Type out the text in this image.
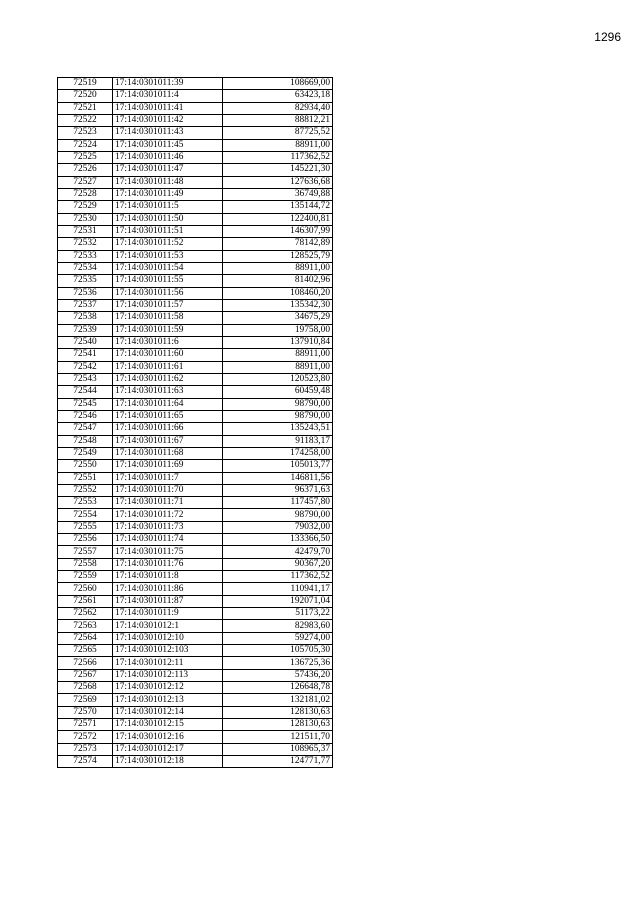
1296
72519	17:14:0301011:39	108669,00
72520	17:14:0301011:4	63423,18
72521	17:14:0301011:41	82934,40
72522	17:14:0301011:42	88812,21
72523	17:14:0301011:43	87725,52
72524	17:14:0301011:45	88911,00
72525	17:14:0301011:46	117362,52
72526	17:14:0301011:47	145221,30
72527	17:14:0301011:48	127636,68
72528	17:14:0301011:49	36749,88
72529	17:14:0301011:5	135144,72
72530	17:14:0301011:50	122400,81
72531	17:14:0301011:51	146307,99
72532	17:14:0301011:52	78142,89
72533	17:14:0301011:53	128525,79
72534	17:14:0301011:54	88911,00
72535	17:14:0301011:55	81402,96
72536	17:14:0301011:56	108460,20
72537	17:14:0301011:57	135342,30
72538	17:14:0301011:58	34675,29
72539	17:14:0301011:59	19758,00
72540	17:14:0301011:6	137910,84
72541	17:14:0301011:60	88911,00
72542	17:14:0301011:61	88911,00
72543	17:14:0301011:62	120523,80
72544	17:14:0301011:63	60459,48
72545	17:14:0301011:64	98790,00
72546	17:14:0301011:65	98790,00
72547	17:14:0301011:66	135243,51
72548	17:14:0301011:67	91183,17
72549	17:14:0301011:68	174258,00
72550	17:14:0301011:69	105013,77
72551	17:14:0301011:7	146811,56
72552	17:14:0301011:70	96371,63
72553	17:14:0301011:71	117457,80
72554	17:14:0301011:72	98790,00
72555	17:14:0301011:73	79032,00
72556	17:14:0301011:74	133366,50
72557	17:14:0301011:75	42479,70
72558	17:14:0301011:76	90367,20
72559	17:14:0301011:8	117362,52
72560	17:14:0301011:86	110941,17
72561	17:14:0301011:87	192071,04
72562	17:14:0301011:9	51173,22
72563	17:14:0301012:1	82983,60
72564	17:14:0301012:10	59274,00
72565	17:14:0301012:103	105705,30
72566	17:14:0301012:11	136725,36
72567	17:14:0301012:113	57436,20
72568	17:14:0301012:12	126648,78
72569	17:14:0301012:13	132181,02
72570	17:14:0301012:14	128130,63
72571	17:14:0301012:15	128130,63
72572	17:14:0301012:16	121511,70
72573	17:14:0301012:17	108965,37
72574	17:14:0301012:18	124771,77
